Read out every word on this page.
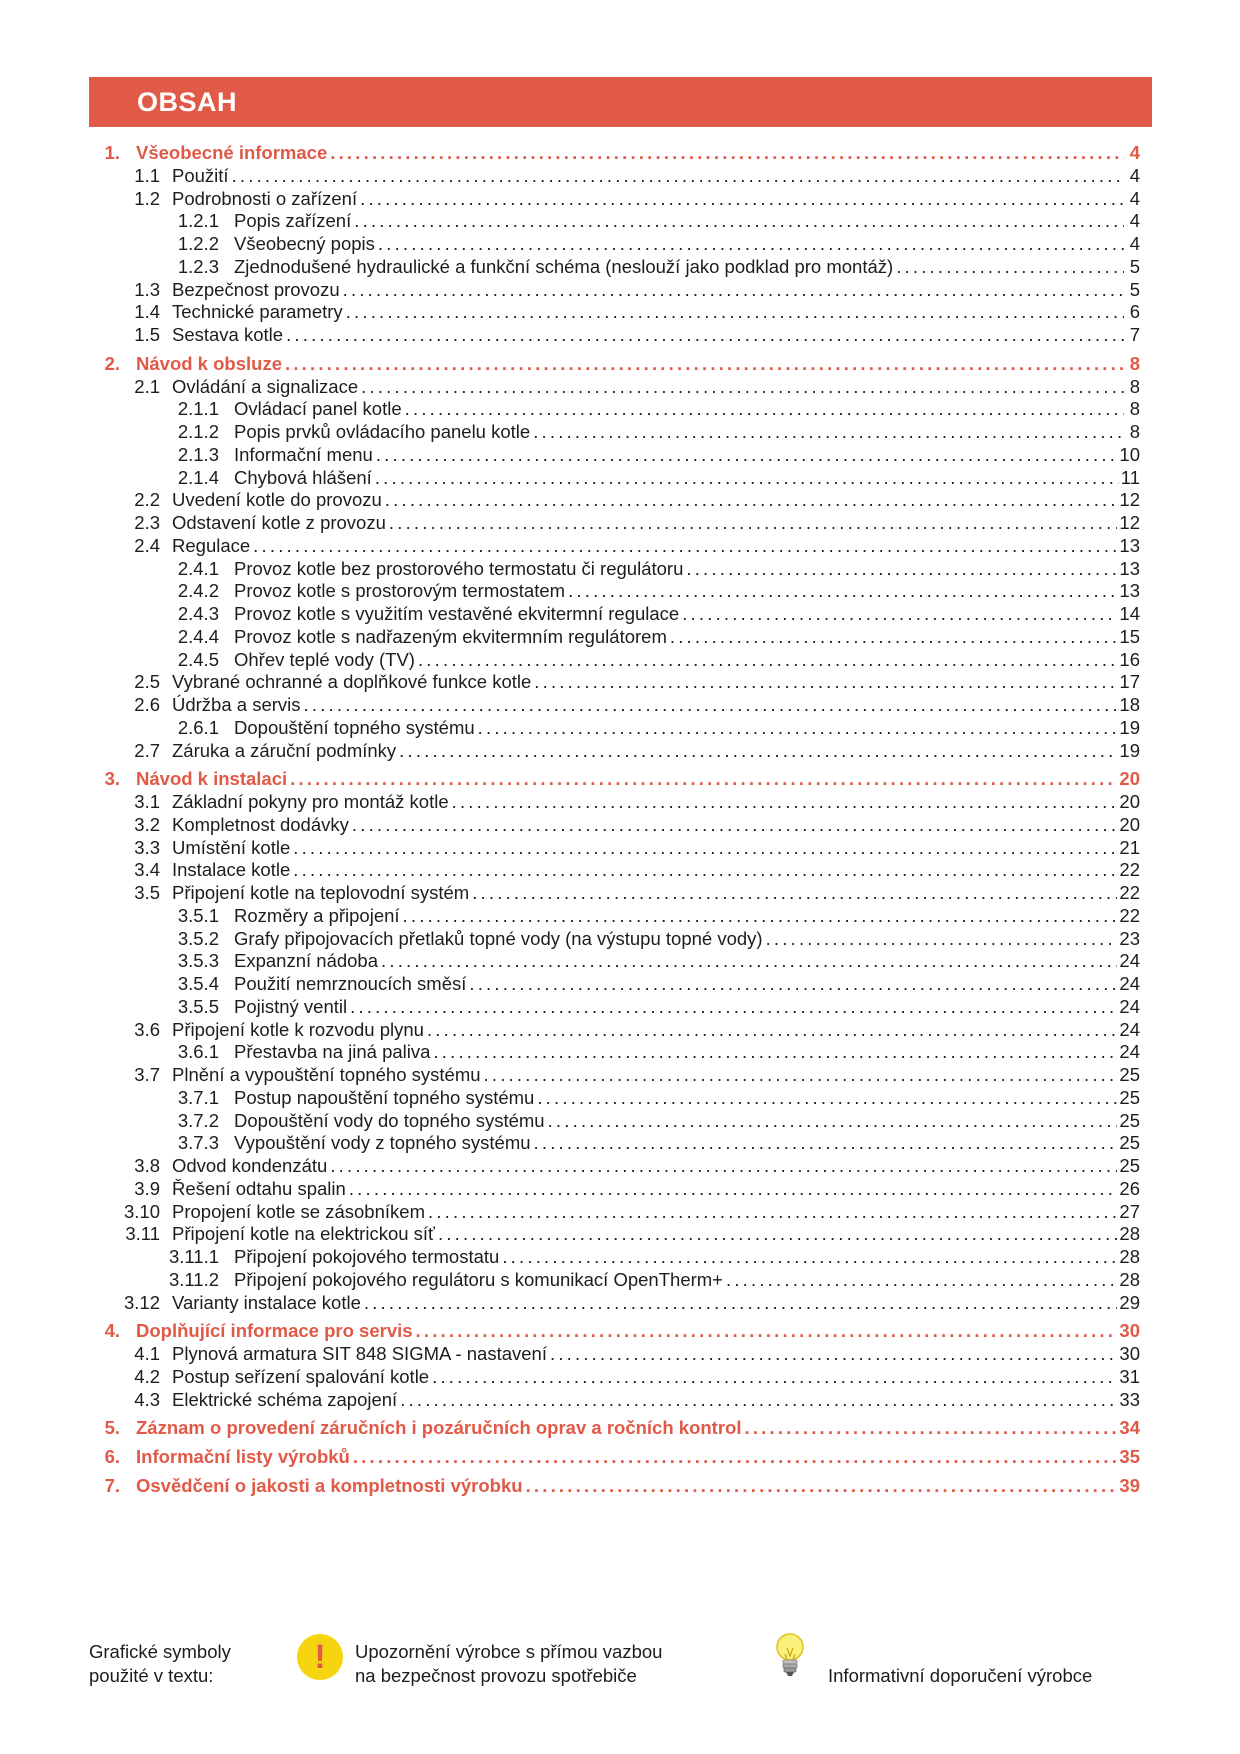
OBSAH
1. Všeobecné informace .....	4
1.1 Použití .....	4
1.2 Podrobnosti o zařízení .....	4
1.2.1 Popis zařízení .....	4
1.2.2 Všeobecný popis .....	4
1.2.3 Zjednodušené hydraulické a funkční schéma (neslouží jako podklad pro montáž) .....	5
1.3 Bezpečnost provozu .....	5
1.4 Technické parametry .....	6
1.5 Sestava kotle .....	7
2. Návod k obsluze .....	8
2.1 Ovládání a signalizace .....	8
2.1.1 Ovládací panel kotle .....	8
2.1.2 Popis prvků ovládacího panelu kotle .....	8
2.1.3 Informační menu .....	10
2.1.4 Chybová hlášení .....	11
2.2 Uvedení kotle do provozu .....	12
2.3 Odstavení kotle z provozu .....	12
2.4 Regulace .....	13
2.4.1 Provoz kotle bez prostorového termostatu či regulátoru .....	13
2.4.2 Provoz kotle s prostorovým termostatem .....	13
2.4.3 Provoz kotle s využitím vestavěné ekvitermní regulace .....	14
2.4.4 Provoz kotle s nadřazeným ekvitermním regulátorem .....	15
2.4.5 Ohřev teplé vody (TV) .....	16
2.5 Vybrané ochranné a doplňkové funkce kotle .....	17
2.6 Údržba a servis .....	18
2.6.1 Dopouštění topného systému .....	19
2.7 Záruka a záruční podmínky .....	19
3. Návod k instalaci .....	20
3.1 Základní pokyny pro montáž kotle .....	20
3.2 Kompletnost dodávky .....	20
3.3 Umístění kotle .....	21
3.4 Instalace kotle .....	22
3.5 Připojení kotle na teplovodní systém .....	22
3.5.1 Rozměry a připojení .....	22
3.5.2 Grafy připojovacích přetlaků topné vody (na výstupu topné vody) .....	23
3.5.3 Expanzní nádoba .....	24
3.5.4 Použití nemrznoucích směsí .....	24
3.5.5 Pojistný ventil .....	24
3.6 Připojení kotle k rozvodu plynu .....	24
3.6.1 Přestavba na jiná paliva .....	24
3.7 Plnění a vypouštění topného systému .....	25
3.7.1 Postup napouštění topného systému .....	25
3.7.2 Dopouštění vody do topného systému .....	25
3.7.3 Vypouštění vody z topného systému .....	25
3.8 Odvod kondenzátu .....	25
3.9 Řešení odtahu spalin .....	26
3.10 Propojení kotle se zásobníkem .....	27
3.11 Připojení kotle na elektrickou síť .....	28
3.11.1 Připojení pokojového termostatu .....	28
3.11.2 Připojení pokojového regulátoru s komunikací OpenTherm+ .....	28
3.12 Varianty instalace kotle .....	29
4. Doplňující informace pro servis .....	30
4.1 Plynová armatura SIT 848 SIGMA - nastavení .....	30
4.2 Postup seřízení spalování kotle .....	31
4.3 Elektrické schéma zapojení .....	33
5. Záznam o provedení záručních i pozáručních oprav a ročních kontrol .....	34
6. Informační listy výrobků .....	35
7. Osvědčení o jakosti a kompletnosti výrobku .....	39
Grafické symboly
použité v textu:	! Upozornění výrobce s přímou vazbou
na bezpečnost provozu spotřebiče	Informativní doporučení výrobce
